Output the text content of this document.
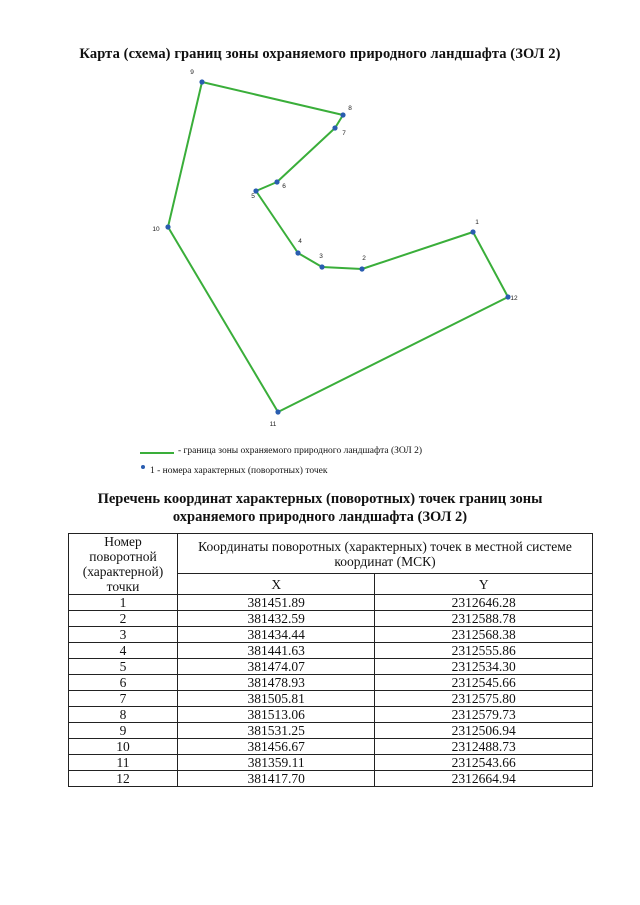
Карта (схема) границ зоны охраняемого природного ландшафта (ЗОЛ 2)
1
2
3
4
5
6
7
8
9
10
11
12
- граница зоны охраняемого природного ландшафта (ЗОЛ 2)
1 - номера характерных (поворотных) точек
Перечень координат характерных (поворотных) точек границ зоны охраняемого природного ландшафта (ЗОЛ 2)
Номер поворотной (характерной) точки	Координаты поворотных (характерных) точек в местной системе координат (МСК)	
	X	Y
1	381451.89	2312646.28
2	381432.59	2312588.78
3	381434.44	2312568.38
4	381441.63	2312555.86
5	381474.07	2312534.30
6	381478.93	2312545.66
7	381505.81	2312575.80
8	381513.06	2312579.73
9	381531.25	2312506.94
10	381456.67	2312488.73
11	381359.11	2312543.66
12	381417.70	2312664.94
